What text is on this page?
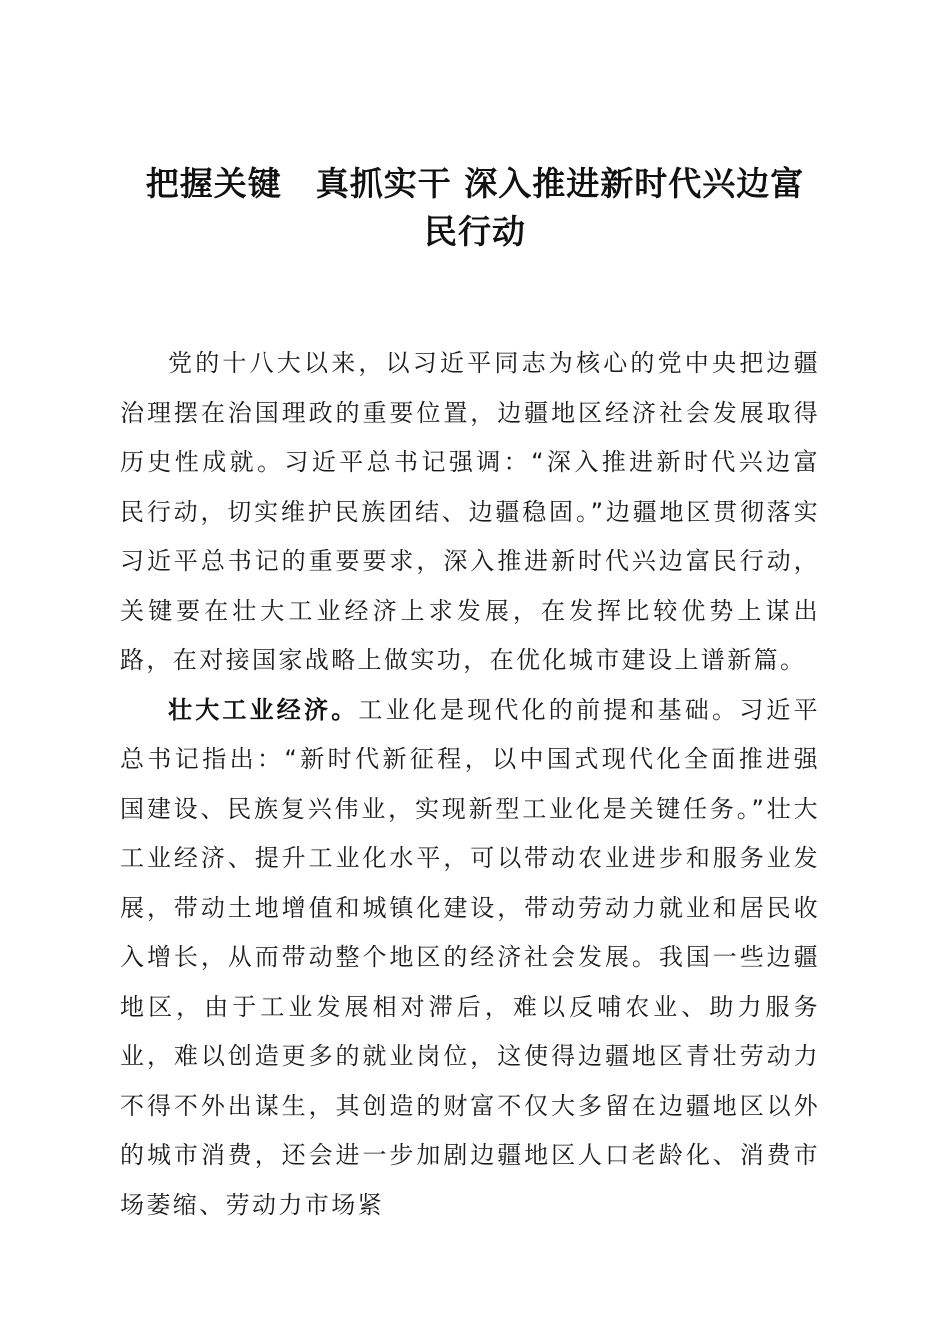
把握关键　真抓实干 深入推进新时代兴边富
民行动

党的十八大以来，以习近平同志为核心的党中央把边疆治理摆在治国理政的重要位置，边疆地区经济社会发展取得历史性成就。习近平总书记强调：“深入推进新时代兴边富民行动，切实维护民族团结、边疆稳固。”边疆地区贯彻落实习近平总书记的重要要求，深入推进新时代兴边富民行动，关键要在壮大工业经济上求发展，在发挥比较优势上谋出路，在对接国家战略上做实功，在优化城市建设上谱新篇。

壮大工业经济。工业化是现代化的前提和基础。习近平总书记指出：“新时代新征程，以中国式现代化全面推进强国建设、民族复兴伟业，实现新型工业化是关键任务。”壮大工业经济、提升工业化水平，可以带动农业进步和服务业发展，带动土地增值和城镇化建设，带动劳动力就业和居民收入增长，从而带动整个地区的经济社会发展。我国一些边疆地区，由于工业发展相对滞后，难以反哺农业、助力服务业，难以创造更多的就业岗位，这使得边疆地区青壮劳动力不得不外出谋生，其创造的财富不仅大多留在边疆地区以外的城市消费，还会进一步加剧边疆地区人口老龄化、消费市场萎缩、劳动力市场紧
